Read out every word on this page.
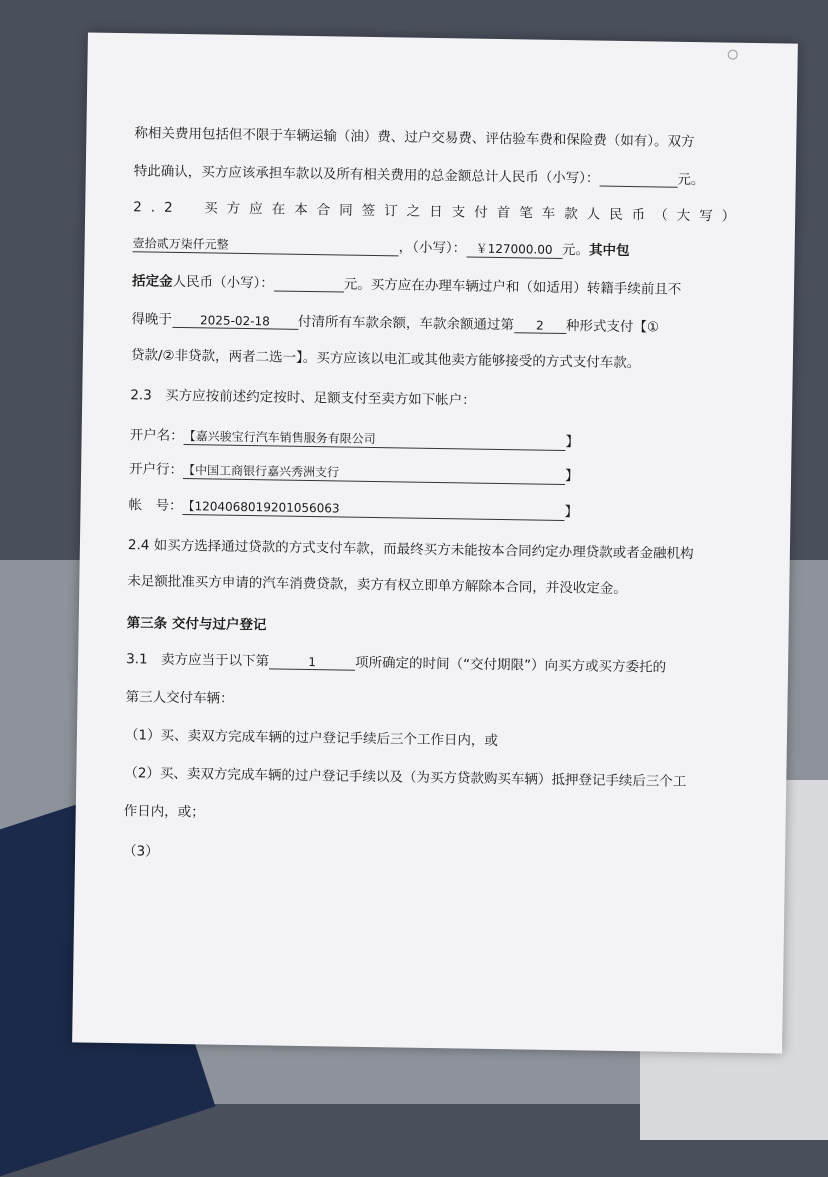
称相关费用包括但不限于车辆运输（油）费、过户交易费、评估验车费和保险费（如有）。双方
特此确认，买方应该承担车款以及所有相关费用的总金额总计人民币（小写）：	元。
2.2　买方应在本合同签订之日支付首笔车款人民币（大写）
壹拾贰万柒仟元整	，（小写）： ￥127000.00 元。其中包
括定金人民币（小写）：	元。买方应在办理车辆过户和（如适用）转籍手续前且不
得晚于 2025-02-18 付清所有车款余额，车款余额通过第 2 种形式支付【①
贷款/②非贷款，两者二选一】。买方应该以电汇或其他卖方能够接受的方式支付车款。
2.3　买方应按前述约定按时、足额支付至卖方如下帐户：
开户名：【嘉兴骏宝行汽车销售服务有限公司	】
开户行：【中国工商银行嘉兴秀洲支行	】
帐　号：【1204068019201056063	】
2.4 如买方选择通过贷款的方式支付车款，而最终买方未能按本合同约定办理贷款或者金融机构
未足额批准买方申请的汽车消费贷款，卖方有权立即单方解除本合同，并没收定金。
第三条 交付与过户登记
3.1　卖方应当于以下第	1	项所确定的时间（“交付期限”）向买方或买方委托的
第三人交付车辆：
（1）买、卖双方完成车辆的过户登记手续后三个工作日内，或
（2）买、卖双方完成车辆的过户登记手续以及（为买方贷款购买车辆）抵押登记手续后三个工
作日内，或；
（3）
